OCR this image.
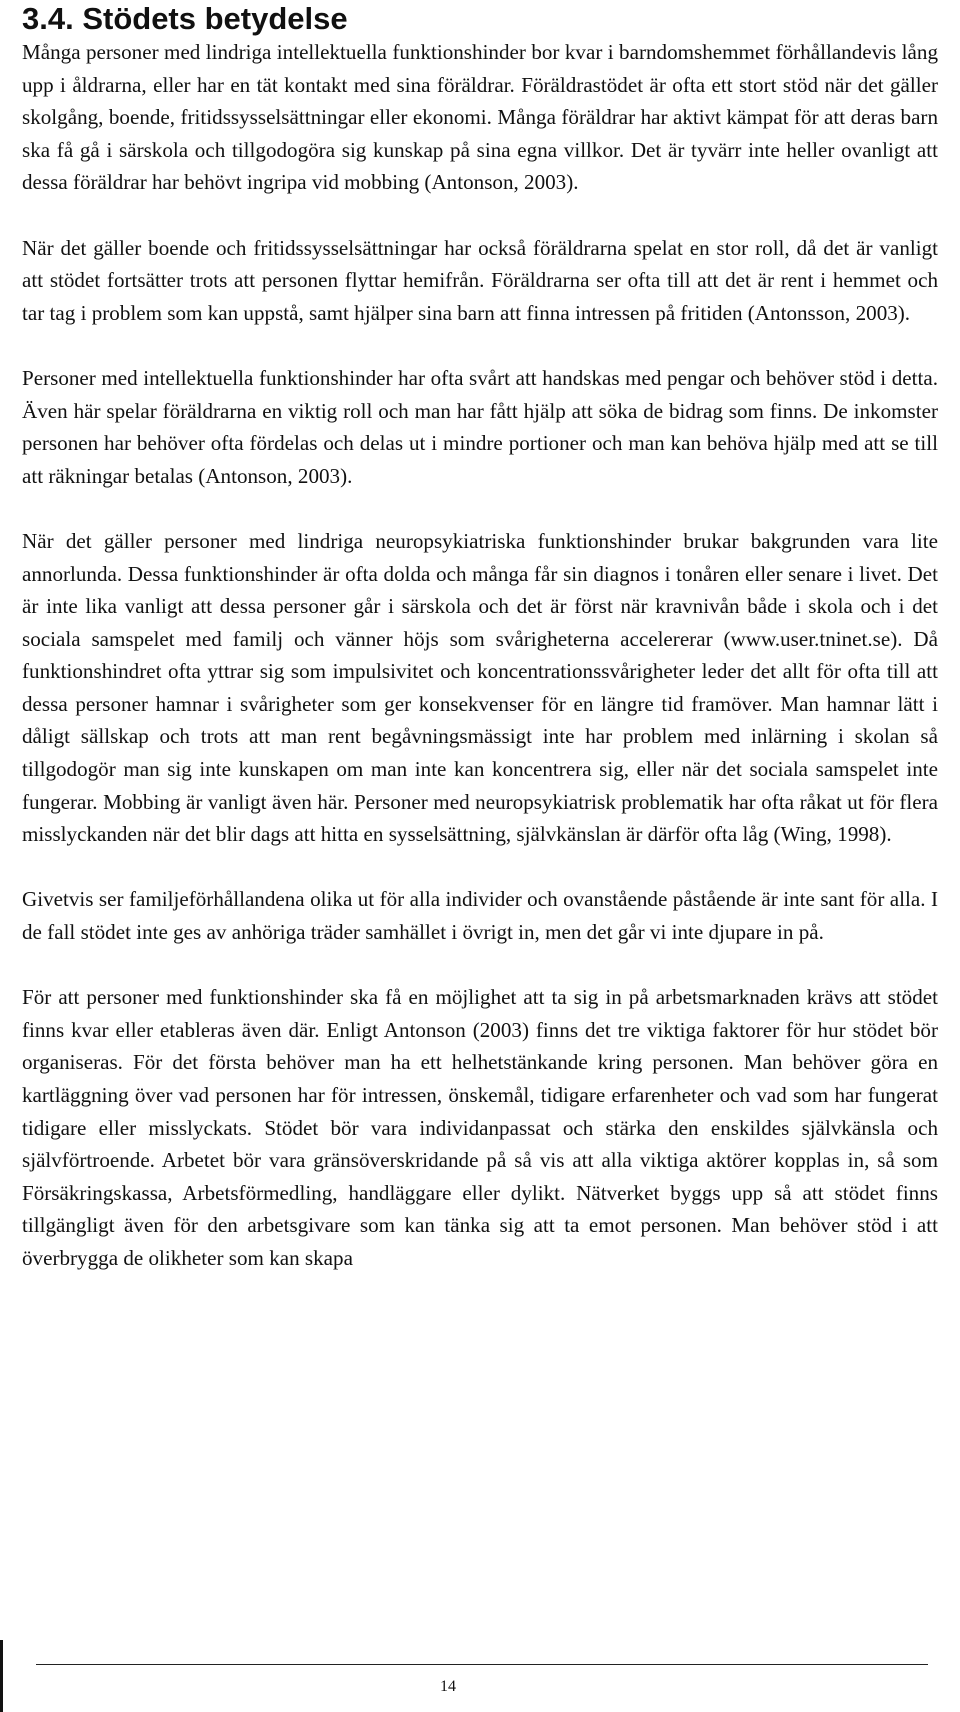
3.4. Stödets betydelse

Många personer med lindriga intellektuella funktionshinder bor kvar i barndomshemmet förhållandevis lång upp i åldrarna, eller har en tät kontakt med sina föräldrar. Föräldrastödet är ofta ett stort stöd när det gäller skolgång, boende, fritidssysselsättningar eller ekonomi. Många föräldrar har aktivt kämpat för att deras barn ska få gå i särskola och tillgodogöra sig kunskap på sina egna villkor. Det är tyvärr inte heller ovanligt att dessa föräldrar har behövt ingripa vid mobbing (Antonson, 2003).

När det gäller boende och fritidssysselsättningar har också föräldrarna spelat en stor roll, då det är vanligt att stödet fortsätter trots att personen flyttar hemifrån. Föräldrarna ser ofta till att det är rent i hemmet och tar tag i problem som kan uppstå, samt hjälper sina barn att finna intressen på fritiden (Antonsson, 2003).

Personer med intellektuella funktionshinder har ofta svårt att handskas med pengar och behöver stöd i detta. Även här spelar föräldrarna en viktig roll och man har fått hjälp att söka de bidrag som finns. De inkomster personen har behöver ofta fördelas och delas ut i mindre portioner och man kan behöva hjälp med att se till att räkningar betalas (Antonson, 2003).

När det gäller personer med lindriga neuropsykiatriska funktionshinder brukar bakgrunden vara lite annorlunda. Dessa funktionshinder är ofta dolda och många får sin diagnos i tonåren eller senare i livet. Det är inte lika vanligt att dessa personer går i särskola och det är först när kravnivån både i skola och i det sociala samspelet med familj och vänner höjs som svårigheterna accelererar (www.user.tninet.se). Då funktionshindret ofta yttrar sig som impulsivitet och koncentrationssvårigheter leder det allt för ofta till att dessa personer hamnar i svårigheter som ger konsekvenser för en längre tid framöver. Man hamnar lätt i dåligt sällskap och trots att man rent begåvningsmässigt inte har problem med inlärning i skolan så tillgodogör man sig inte kunskapen om man inte kan koncentrera sig, eller när det sociala samspelet inte fungerar. Mobbing är vanligt även här. Personer med neuropsykiatrisk problematik har ofta råkat ut för flera misslyckanden när det blir dags att hitta en sysselsättning, självkänslan är därför ofta låg (Wing, 1998).

Givetvis ser familjeförhållandena olika ut för alla individer och ovanstående påstående är inte sant för alla. I de fall stödet inte ges av anhöriga träder samhället i övrigt in, men det går vi inte djupare in på.

För att personer med funktionshinder ska få en möjlighet att ta sig in på arbetsmarknaden krävs att stödet finns kvar eller etableras även där. Enligt Antonson (2003) finns det tre viktiga faktorer för hur stödet bör organiseras. För det första behöver man ha ett helhetstänkande kring personen. Man behöver göra en kartläggning över vad personen har för intressen, önskemål, tidigare erfarenheter och vad som har fungerat tidigare eller misslyckats. Stödet bör vara individanpassat och stärka den enskildes självkänsla och självförtroende. Arbetet bör vara gränsöverskridande på så vis att alla viktiga aktörer kopplas in, så som Försäkringskassa, Arbetsförmedling, handläggare eller dylikt. Nätverket byggs upp så att stödet finns tillgängligt även för den arbetsgivare som kan tänka sig att ta emot personen. Man behöver stöd i att överbrygga de olikheter som kan skapa

14
